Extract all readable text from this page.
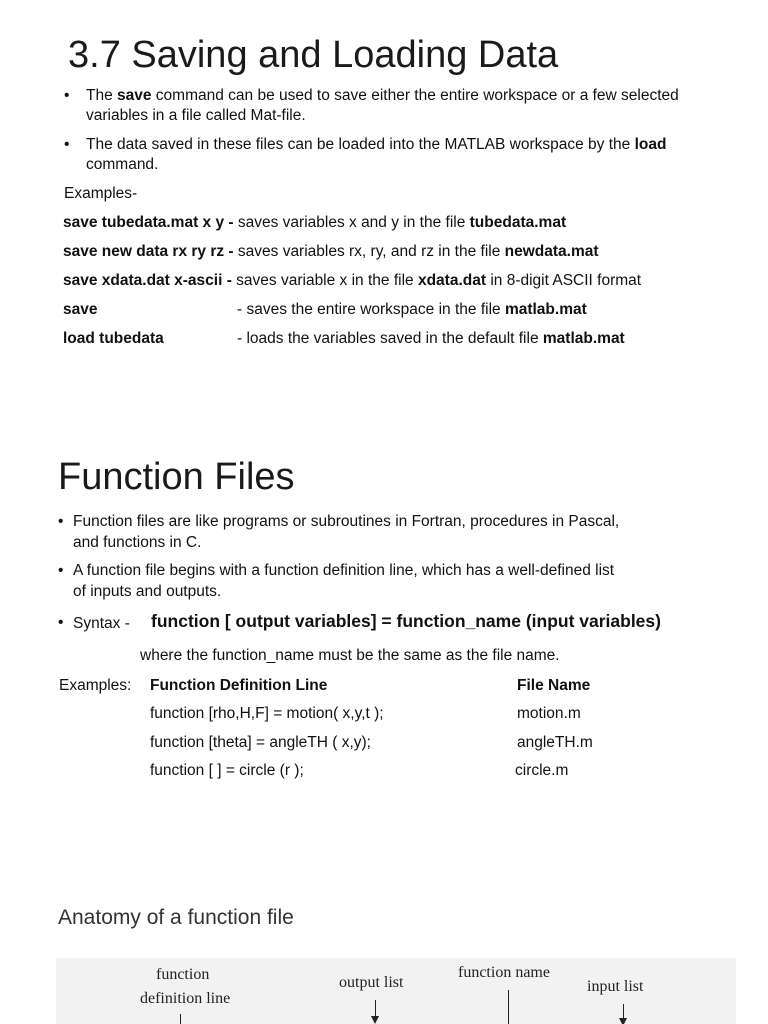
3.7 Saving and Loading Data
• The save command can be used to save either the entire workspace or a few selected
variables in a file called Mat-file.
• The data saved in these files can be loaded into the MATLAB workspace by the load
command.
Examples-
save tubedata.mat x y - saves variables x and y in the file tubedata.mat
save new data rx ry rz - saves variables rx, ry, and rz in the file newdata.mat
save xdata.dat x-ascii - saves variable x in the file xdata.dat in 8-digit ASCII format
save	- saves the entire workspace in the file matlab.mat
load tubedata	- loads the variables saved in the default file matlab.mat
Function Files
• Function files are like programs or subroutines in Fortran, procedures in Pascal,
and functions in C.
• A function file begins with a function definition line, which has a well-defined list
of inputs and outputs.
• Syntax - function [ output variables] = function_name (input variables)
where the function_name must be the same as the file name.
Examples: Function Definition Line	File Name
function [rho,H,F] = motion( x,y,t );	motion.m
function [theta] = angleTH ( x,y);	angleTH.m
function [ ] = circle (r );	circle.m
Anatomy of a function file
function
definition line
output list
function name
input list
